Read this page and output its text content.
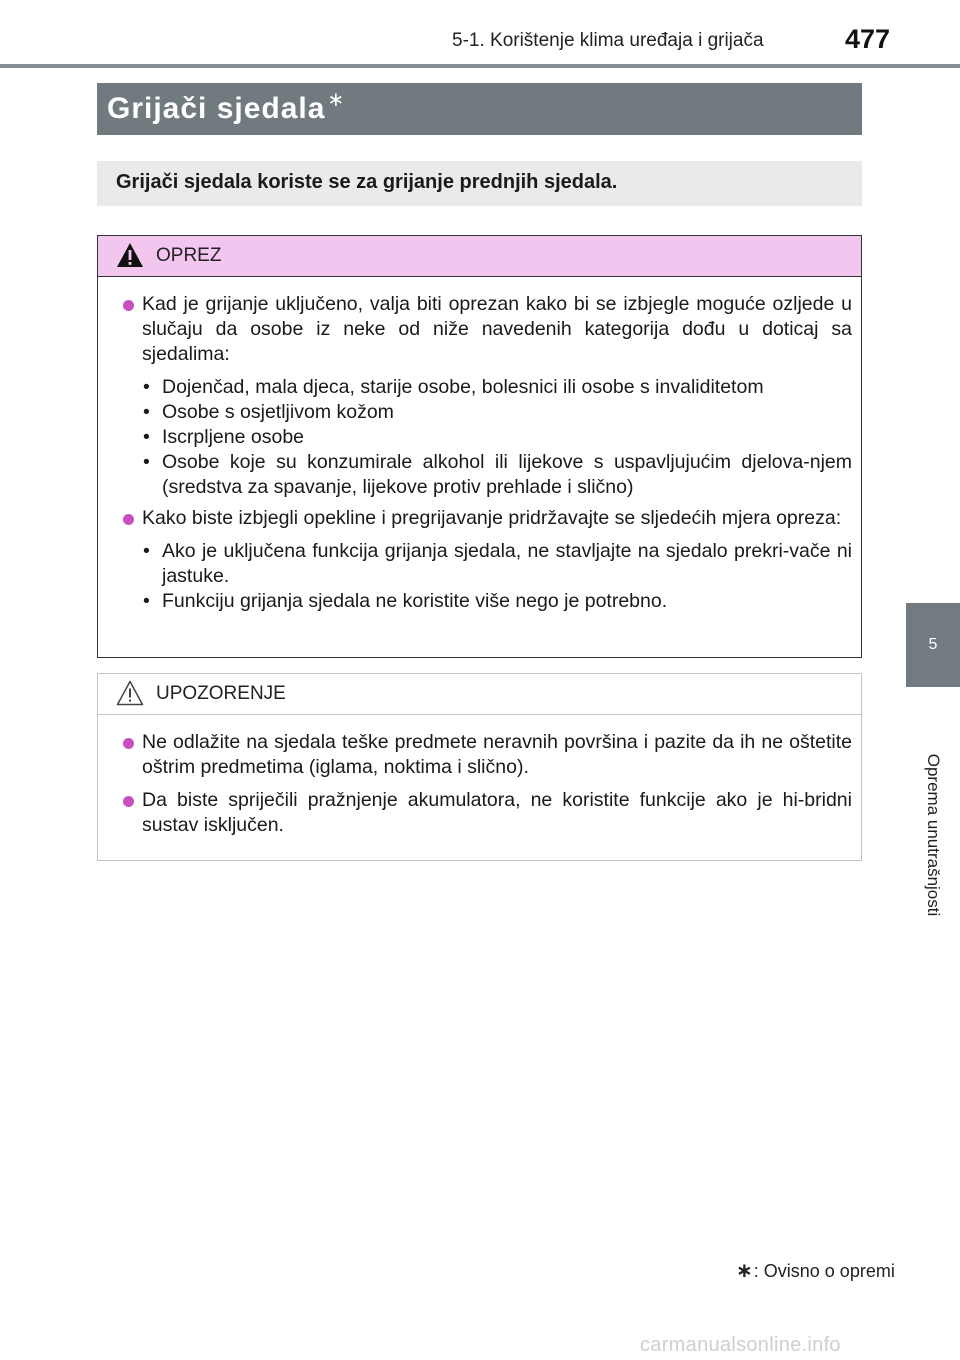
5-1. Korištenje klima uređaja i grijača	477
5
Oprema unutrašnjosti
Grijači sjedala ∗
Grijači sjedala koriste se za grijanje prednjih sjedala.
OPREZ
Kad je grijanje uključeno, valja biti oprezan kako bi se izbjegle moguće ozljede u slučaju da osobe iz neke od niže navedenih kategorija dođu u doticaj sa sjedalima:
• Dojenčad, mala djeca, starije osobe, bolesnici ili osobe s invaliditetom
• Osobe s osjetljivom kožom
• Iscrpljene osobe
• Osobe koje su konzumirale alkohol ili lijekove s uspavljujućim djelova-njem (sredstva za spavanje, lijekove protiv prehlade i slično)
Kako biste izbjegli opekline i pregrijavanje pridržavajte se sljedećih mjera opreza:
• Ako je uključena funkcija grijanja sjedala, ne stavljajte na sjedalo prekri-vače ni jastuke.
• Funkciju grijanja sjedala ne koristite više nego je potrebno.
UPOZORENJE
Ne odlažite na sjedala teške predmete neravnih površina i pazite da ih ne oštetite oštrim predmetima (iglama, noktima i slično).
Da biste spriječili pražnjenje akumulatora, ne koristite funkcije ako je hi-bridni sustav isključen.
∗: Ovisno o opremi
carmanualsonline.info
